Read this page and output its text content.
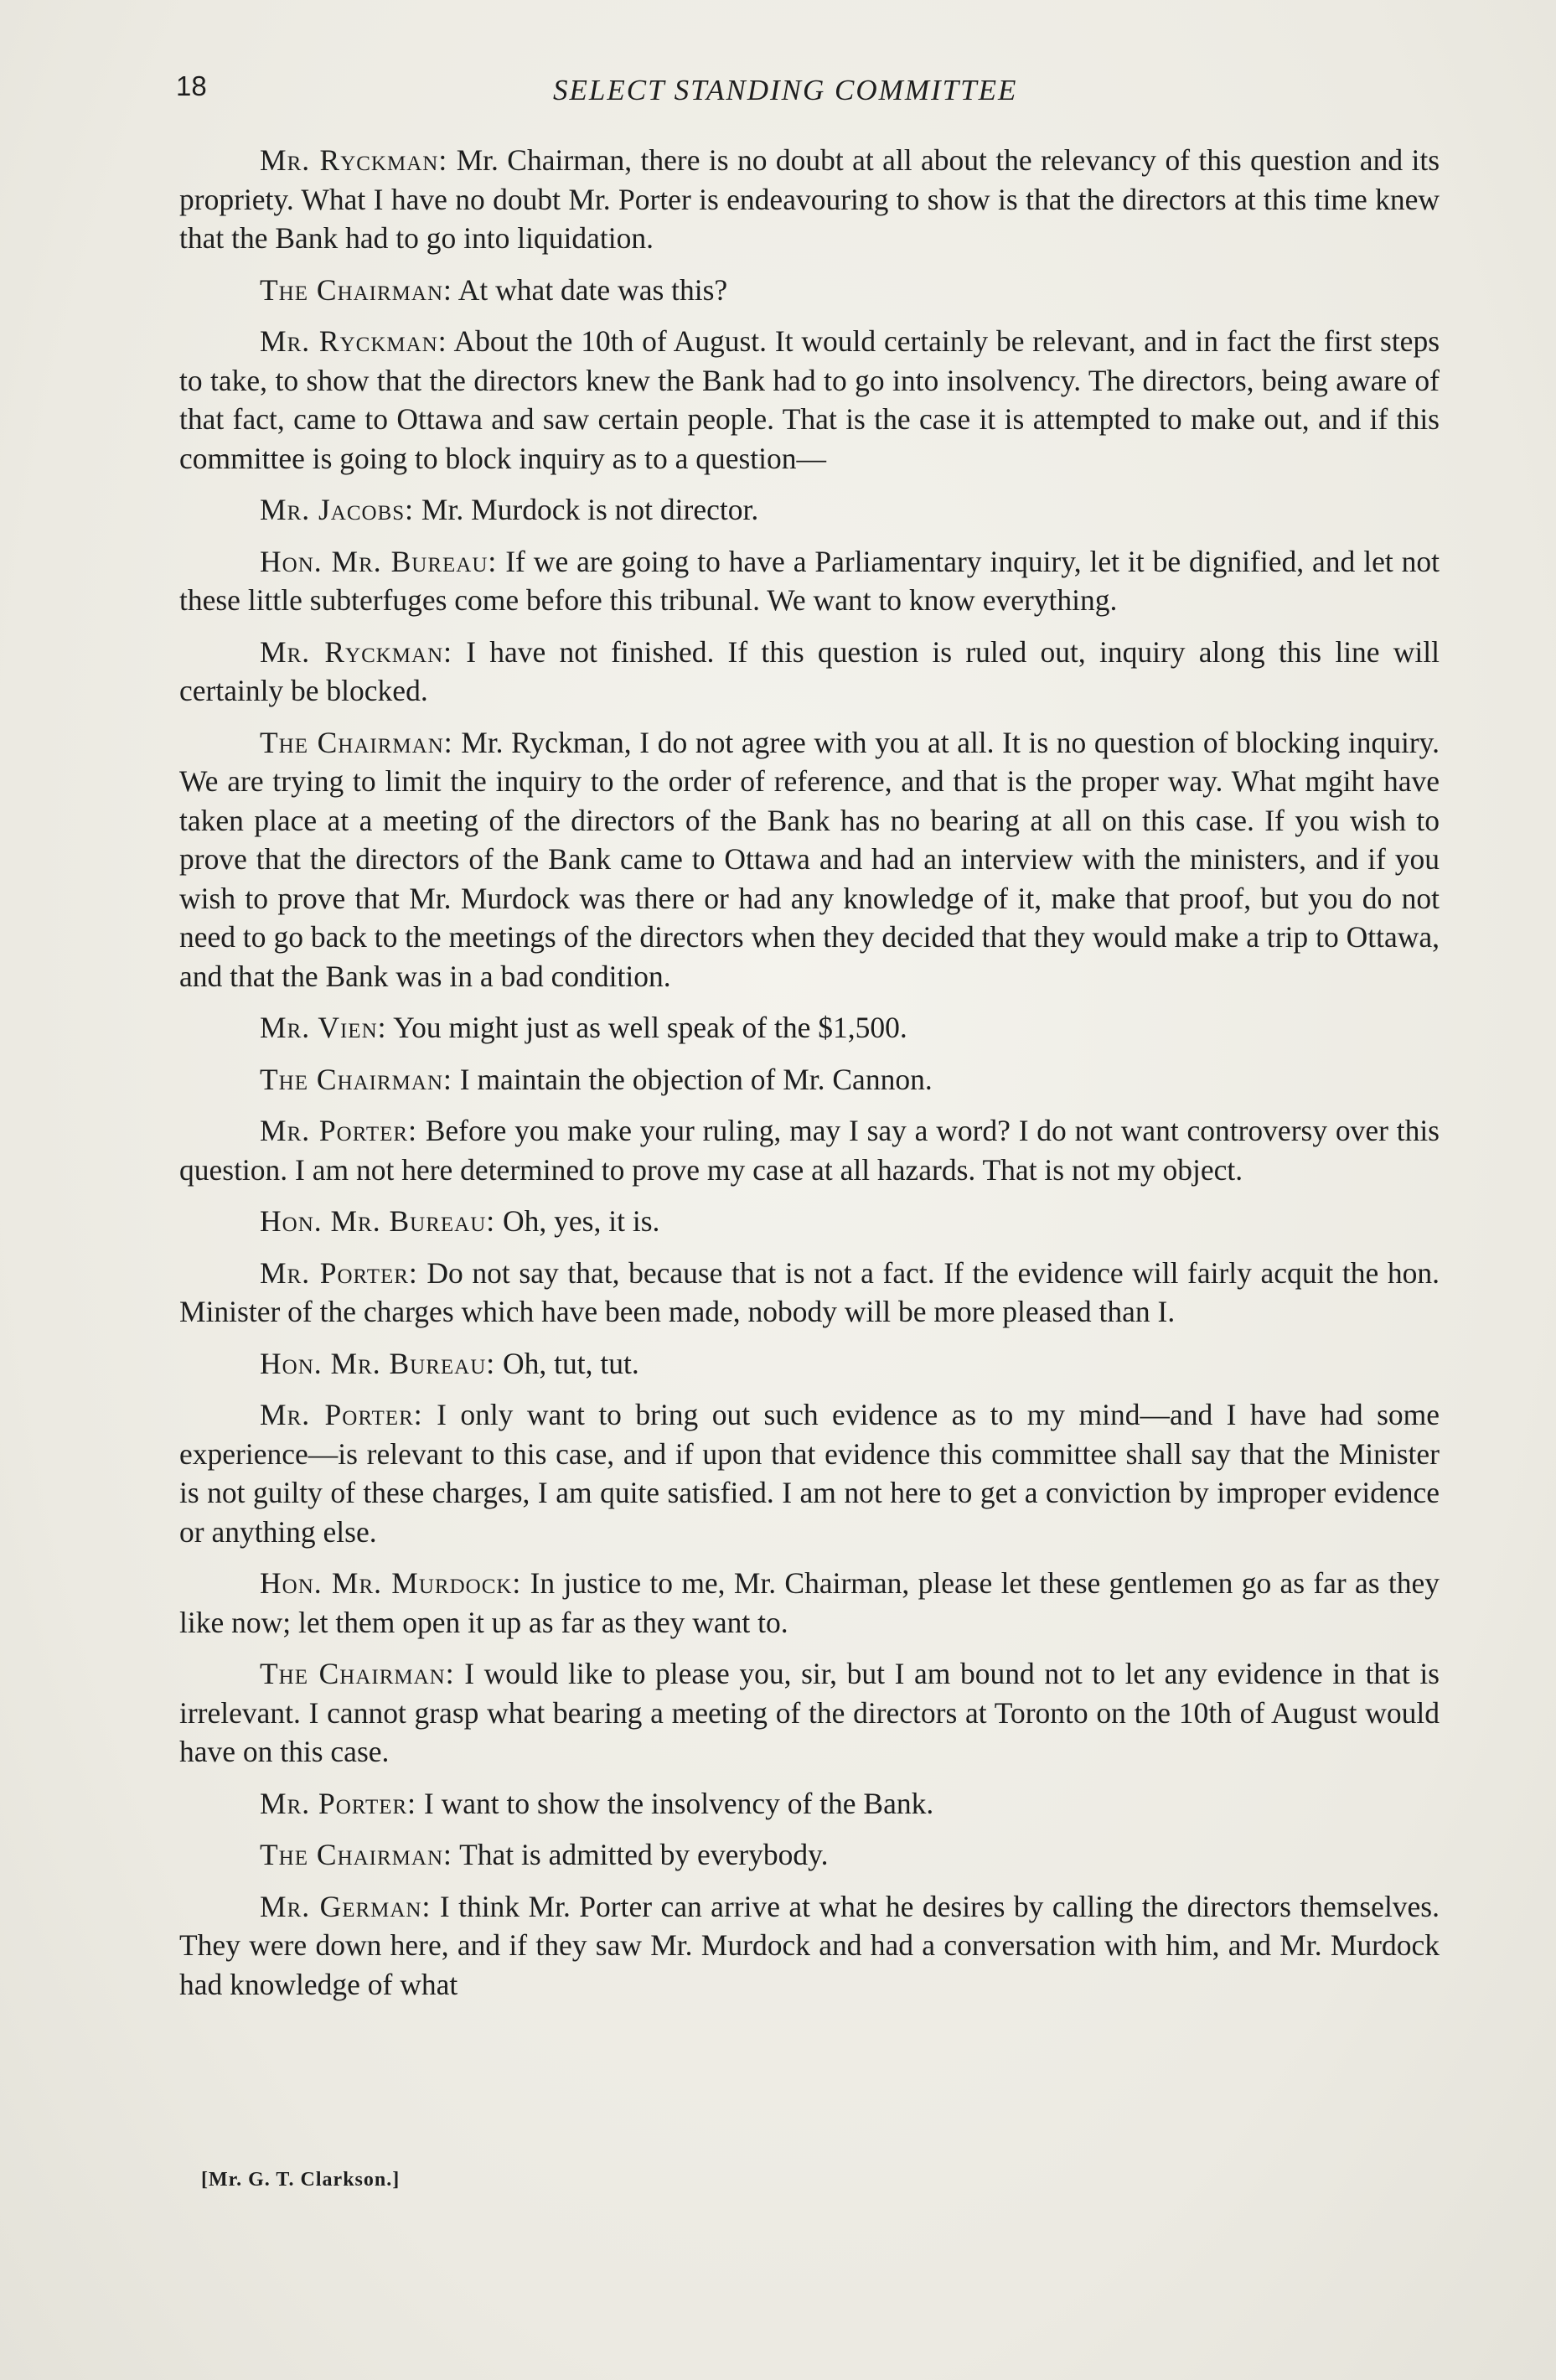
18	SELECT STANDING COMMITTEE

Mr. Ryckman: Mr. Chairman, there is no doubt at all about the relevancy of this question and its propriety. What I have no doubt Mr. Porter is endeavouring to show is that the directors at this time knew that the Bank had to go into liquidation.

The Chairman: At what date was this?

Mr. Ryckman: About the 10th of August. It would certainly be relevant, and in fact the first steps to take, to show that the directors knew the Bank had to go into insolvency. The directors, being aware of that fact, came to Ottawa and saw certain people. That is the case it is attempted to make out, and if this committee is going to block inquiry as to a question—

Mr. Jacobs: Mr. Murdock is not director.

Hon. Mr. Bureau: If we are going to have a Parliamentary inquiry, let it be dignified, and let not these little subterfuges come before this tribunal. We want to know everything.

Mr. Ryckman: I have not finished. If this question is ruled out, inquiry along this line will certainly be blocked.

The Chairman: Mr. Ryckman, I do not agree with you at all. It is no question of blocking inquiry. We are trying to limit the inquiry to the order of reference, and that is the proper way. What mgiht have taken place at a meeting of the directors of the Bank has no bearing at all on this case. If you wish to prove that the directors of the Bank came to Ottawa and had an interview with the ministers, and if you wish to prove that Mr. Murdock was there or had any knowledge of it, make that proof, but you do not need to go back to the meetings of the directors when they decided that they would make a trip to Ottawa, and that the Bank was in a bad condition.

Mr. Vien: You might just as well speak of the $1,500.

The Chairman: I maintain the objection of Mr. Cannon.

Mr. Porter: Before you make your ruling, may I say a word? I do not want controversy over this question. I am not here determined to prove my case at all hazards. That is not my object.

Hon. Mr. Bureau: Oh, yes, it is.

Mr. Porter: Do not say that, because that is not a fact. If the evidence will fairly acquit the hon. Minister of the charges which have been made, nobody will be more pleased than I.

Hon. Mr. Bureau: Oh, tut, tut.

Mr. Porter: I only want to bring out such evidence as to my mind—and I have had some experience—is relevant to this case, and if upon that evidence this committee shall say that the Minister is not guilty of these charges, I am quite satisfied. I am not here to get a conviction by improper evidence or anything else.

Hon. Mr. Murdock: In justice to me, Mr. Chairman, please let these gentlemen go as far as they like now; let them open it up as far as they want to.

The Chairman: I would like to please you, sir, but I am bound not to let any evidence in that is irrelevant. I cannot grasp what bearing a meeting of the directors at Toronto on the 10th of August would have on this case.

Mr. Porter: I want to show the insolvency of the Bank.

The Chairman: That is admitted by everybody.

Mr. German: I think Mr. Porter can arrive at what he desires by calling the directors themselves. They were down here, and if they saw Mr. Murdock and had a conversation with him, and Mr. Murdock had knowledge of what

[Mr. G. T. Clarkson.]
